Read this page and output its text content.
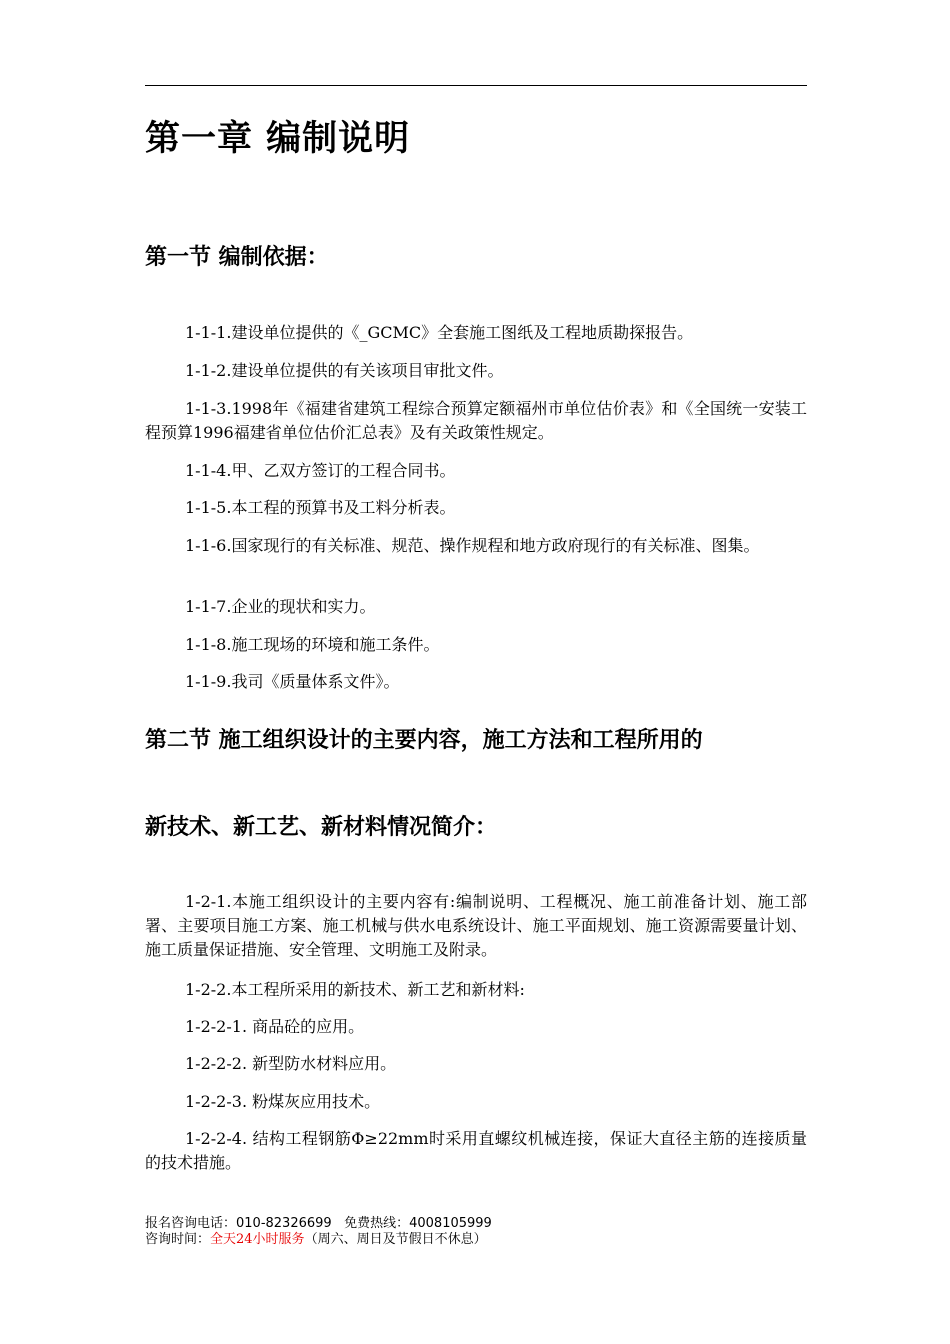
第一章 编制说明
第一节 编制依据：
1-1-1.建设单位提供的《_GCMC》全套施工图纸及工程地质勘探报告。
1-1-2.建设单位提供的有关该项目审批文件。
1-1-3.1998年《福建省建筑工程综合预算定额福州市单位估价表》和《全国统一安装工程预算1996福建省单位估价汇总表》及有关政策性规定。
1-1-4.甲、乙双方签订的工程合同书。
1-1-5.本工程的预算书及工料分析表。
1-1-6.国家现行的有关标准、规范、操作规程和地方政府现行的有关标准、图集。
1-1-7.企业的现状和实力。
1-1-8.施工现场的环境和施工条件。
1-1-9.我司《质量体系文件》。
第二节 施工组织设计的主要内容，施工方法和工程所用的
新技术、新工艺、新材料情况简介：
1-2-1.本施工组织设计的主要内容有:编制说明、工程概况、施工前准备计划、施工部署、主要项目施工方案、施工机械与供水电系统设计、施工平面规划、施工资源需要量计划、施工质量保证措施、安全管理、文明施工及附录。
1-2-2.本工程所采用的新技术、新工艺和新材料:
1-2-2-1. 商品砼的应用。
1-2-2-2. 新型防水材料应用。
1-2-2-3. 粉煤灰应用技术。
1-2-2-4. 结构工程钢筋Φ≥22mm时采用直螺纹机械连接，保证大直径主筋的连接质量的技术措施。
报名咨询电话：010-82326699 免费热线：4008105999
咨询时间：全天24小时服务（周六、周日及节假日不休息）
